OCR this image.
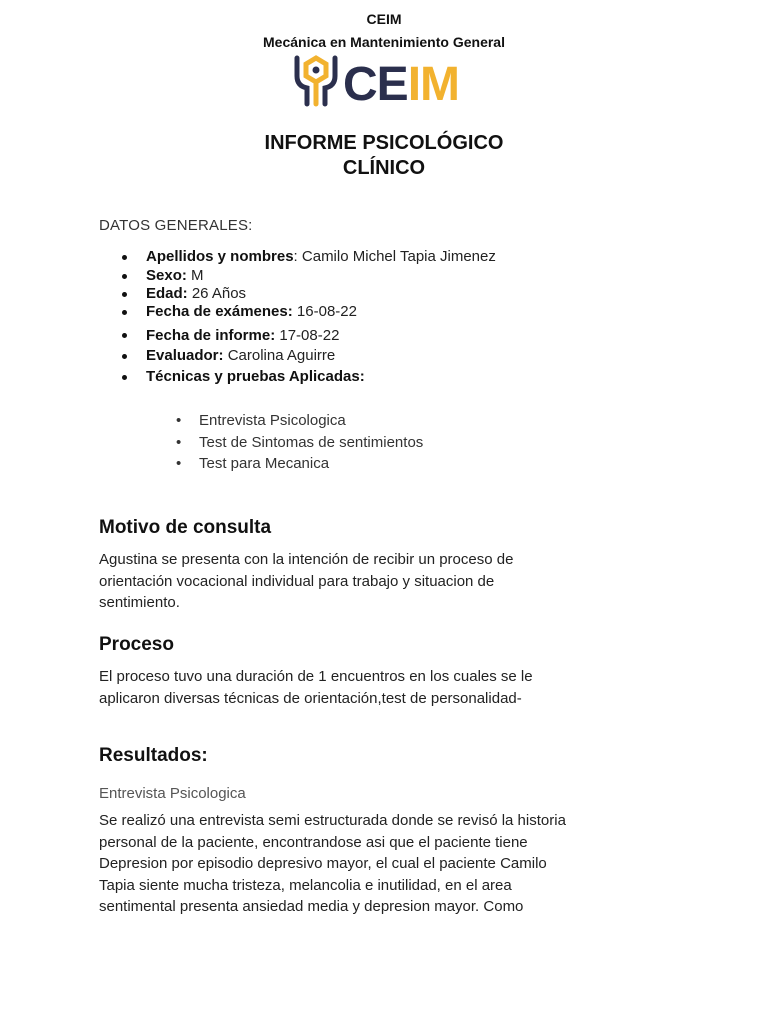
CEIM
Mecánica en Mantenimiento General
CEIM
INFORME PSICOLÓGICO
CLÍNICO
DATOS GENERALES:
Apellidos y nombres: Camilo Michel Tapia Jimenez
Sexo: M
Edad: 26 Años
Fecha de exámenes: 16-08-22
Fecha de informe: 17-08-22
Evaluador: Carolina Aguirre
Técnicas y pruebas Aplicadas:
• Entrevista Psicologica
• Test de Sintomas de sentimientos
• Test para Mecanica
Motivo de consulta
Agustina se presenta con la intención de recibir un proceso de
orientación vocacional individual para trabajo y situacion de
sentimiento.
Proceso
El proceso tuvo una duración de 1 encuentros en los cuales se le
aplicaron diversas técnicas de orientación,test de personalidad-
Resultados:
Entrevista Psicologica
Se realizó una entrevista semi estructurada donde se revisó la historia
personal de la paciente, encontrandose asi que el paciente tiene
Depresion por episodio depresivo mayor, el cual el paciente Camilo
Tapia siente mucha tristeza, melancolia e inutilidad, en el area
sentimental presenta ansiedad media y depresion mayor. Como
